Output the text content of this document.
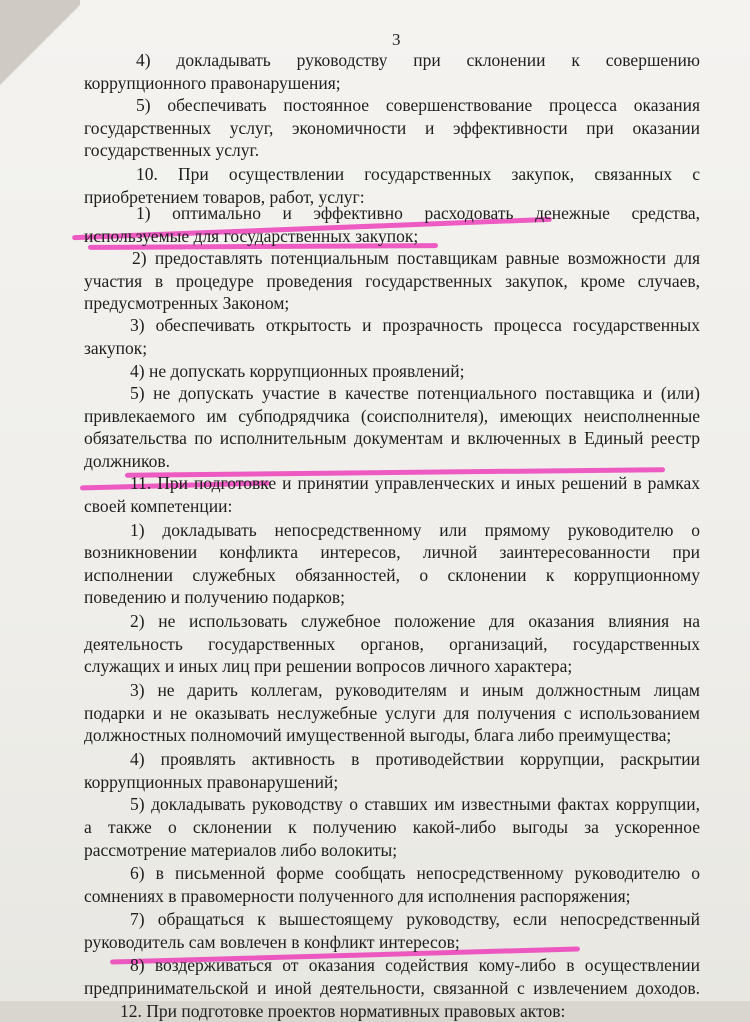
3
4) докладывать руководству при склонении к совершению
коррупционного правонарушения;
5) обеспечивать постоянное совершенствование процесса оказания
государственных услуг, экономичности и эффективности при оказании
государственных услуг.
10. При осуществлении государственных закупок, связанных с
приобретением товаров, работ, услуг:
1) оптимально и эффективно расходовать денежные средства,
используемые для государственных закупок;
2) предоставлять потенциальным поставщикам равные возможности для
участия в процедуре проведения государственных закупок, кроме случаев,
предусмотренных Законом;
3) обеспечивать открытость и прозрачность процесса государственных
закупок;
4) не допускать коррупционных проявлений;
5) не допускать участие в качестве потенциального поставщика и (или)
привлекаемого им субподрядчика (соисполнителя), имеющих неисполненные
обязательства по исполнительным документам и включенных в Единый реестр
должников.
11. При подготовке и принятии управленческих и иных решений в рамках
своей компетенции:
1) докладывать непосредственному или прямому руководителю о
возникновении конфликта интересов, личной заинтересованности при
исполнении служебных обязанностей, о склонении к коррупционному
поведению и получению подарков;
2) не использовать служебное положение для оказания влияния на
деятельность государственных органов, организаций, государственных
служащих и иных лиц при решении вопросов личного характера;
3) не дарить коллегам, руководителям и иным должностным лицам
подарки и не оказывать неслужебные услуги для получения с использованием
должностных полномочий имущественной выгоды, блага либо преимущества;
4) проявлять активность в противодействии коррупции, раскрытии
коррупционных правонарушений;
5) докладывать руководству о ставших им известными фактах коррупции,
а также о склонении к получению какой-либо выгоды за ускоренное
рассмотрение материалов либо волокиты;
6) в письменной форме сообщать непосредственному руководителю о
сомнениях в правомерности полученного для исполнения распоряжения;
7) обращаться к вышестоящему руководству, если непосредственный
руководитель сам вовлечен в конфликт интересов;
8) воздерживаться от оказания содействия кому-либо в осуществлении
предпринимательской и иной деятельности, связанной с извлечением доходов.
12. При подготовке проектов нормативных правовых актов:
